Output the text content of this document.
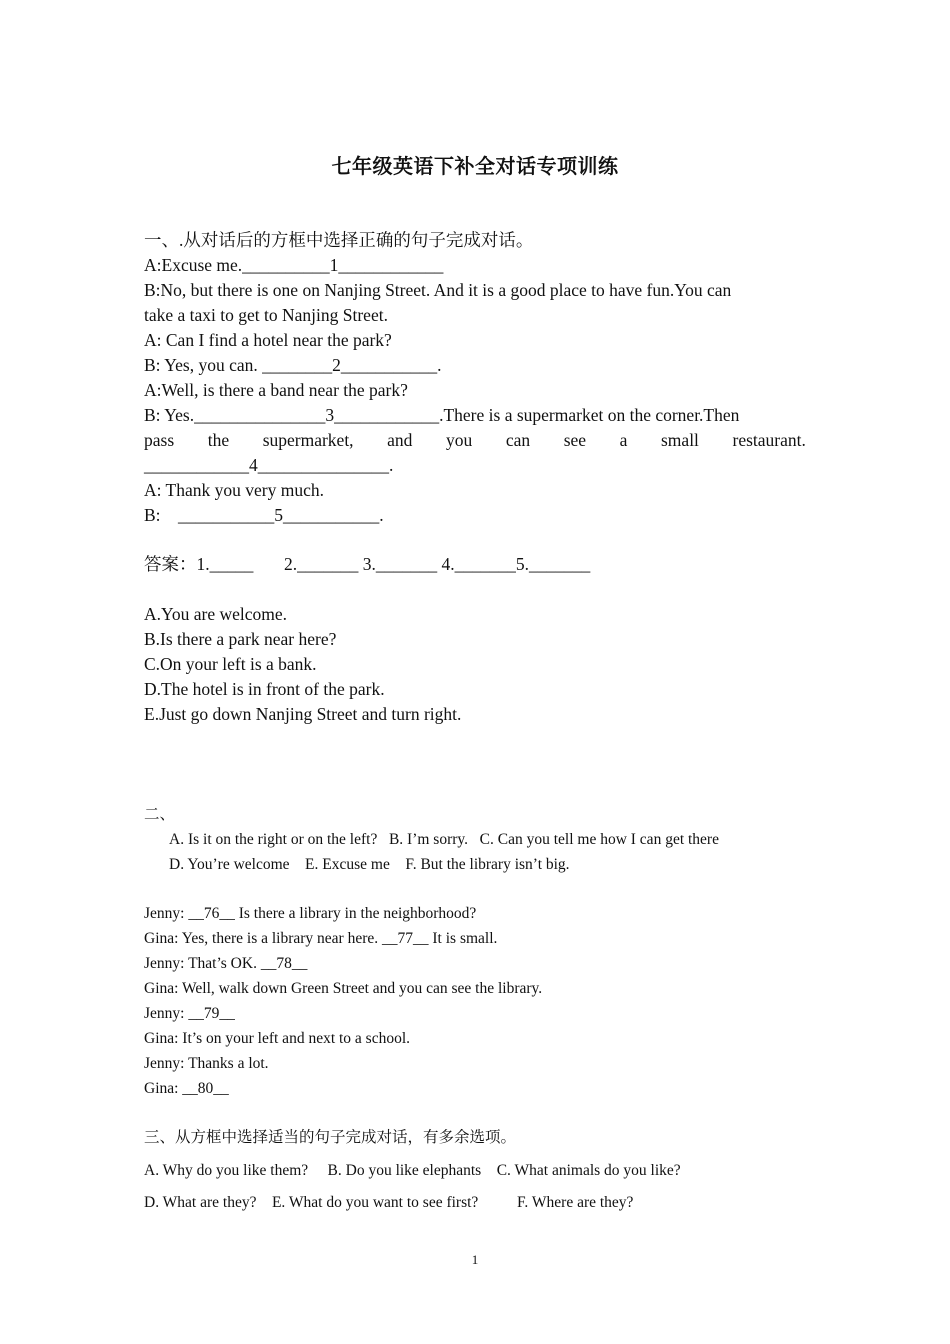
七年级英语下补全对话专项训练
一、.从对话后的方框中选择正确的句子完成对话。
A:Excuse me.__________1____________
B:No, but there is one on Nanjing Street. And it is a good place to have fun.You can
take a taxi to get to Nanjing Street.
A: Can I find a hotel near the park?
B: Yes, you can. ________2___________.
A:Well, is there a band near the park?
B: Yes._______________3____________.There is a supermarket on the corner.Then
pass the supermarket, and you can see a small restaurant.
____________4_______________.
A: Thank you very much.
B:    ___________5___________.
答案：1._____       2._______ 3._______ 4._______5._______
A.You are welcome.
B.Is there a park near here?
C.On your left is a bank.
D.The hotel is in front of the park.
E.Just go down Nanjing Street and turn right.
二、
A. Is it on the right or on the left?   B. I’m sorry.   C. Can you tell me how I can get there
D. You’re welcome    E. Excuse me    F. But the library isn’t big.
Jenny: __76__ Is there a library in the neighborhood?
Gina: Yes, there is a library near here. __77__ It is small.
Jenny: That’s OK. __78__
Gina: Well, walk down Green Street and you can see the library.
Jenny: __79__
Gina: It’s on your left and next to a school.
Jenny: Thanks a lot.
Gina: __80__
三、从方框中选择适当的句子完成对话，有多余选项。
A. Why do you like them?     B. Do you like elephants    C. What animals do you like?
D. What are they?    E. What do you want to see first?          F. Where are they?
1
